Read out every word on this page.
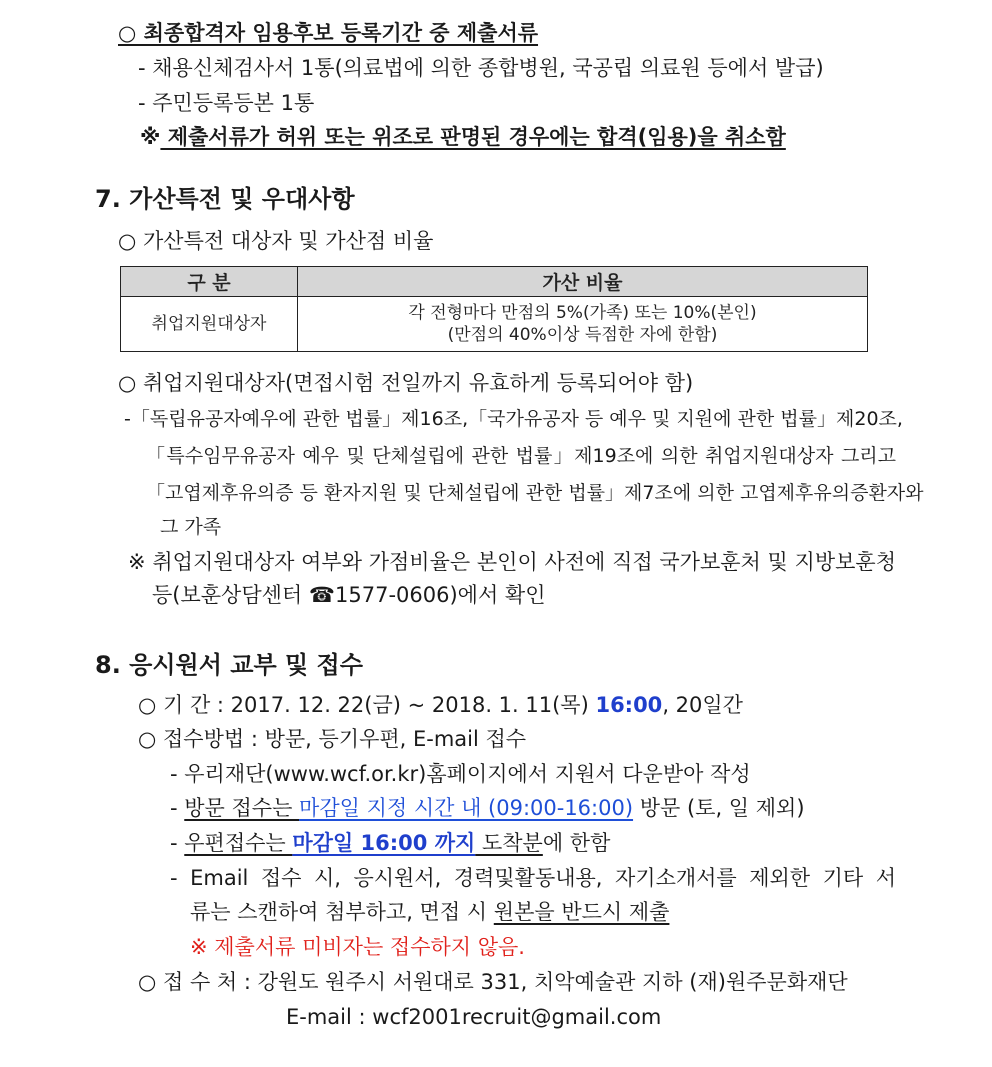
○ 최종합격자 임용후보 등록기간 중 제출서류
- 채용신체검사서 1통(의료법에 의한 종합병원, 국공립 의료원 등에서 발급)
- 주민등록등본 1통
※ 제출서류가 허위 또는 위조로 판명된 경우에는 합격(임용)을 취소함
7. 가산특전 및 우대사항
○ 가산특전 대상자 및 가산점 비율
구 분	가산 비율
취업지원대상자	각 전형마다 만점의 5%(가족) 또는 10%(본인)
(만점의 40%이상 득점한 자에 한함)
○ 취업지원대상자(면접시험 전일까지 유효하게 등록되어야 함)
-「독립유공자예우에 관한 법률」제16조,「국가유공자 등 예우 및 지원에 관한 법률」제20조,
「특수임무유공자 예우 및 단체설립에 관한 법률」제19조에 의한 취업지원대상자 그리고
「고엽제후유의증 등 환자지원 및 단체설립에 관한 법률」제7조에 의한 고엽제후유의증환자와
그 가족
※ 취업지원대상자 여부와 가점비율은 본인이 사전에 직접 국가보훈처 및 지방보훈청
등(보훈상담센터 ☎1577-0606)에서 확인
8. 응시원서 교부 및 접수
○ 기 간 : 2017. 12. 22(금) ~ 2018. 1. 11(목) 16:00, 20일간
○ 접수방법 : 방문, 등기우편, E-mail 접수
- 우리재단(www.wcf.or.kr)홈페이지에서 지원서 다운받아 작성
- 방문 접수는 마감일 지정 시간 내 (09:00-16:00) 방문 (토, 일 제외)
- 우편접수는 마감일 16:00 까지 도착분에 한함
- Email 접수 시, 응시원서, 경력및활동내용, 자기소개서를 제외한 기타 서
류는 스캔하여 첨부하고, 면접 시 원본을 반드시 제출
※ 제출서류 미비자는 접수하지 않음.
○ 접 수 처 : 강원도 원주시 서원대로 331, 치악예술관 지하 (재)원주문화재단
E-mail : wcf2001recruit@gmail.com
